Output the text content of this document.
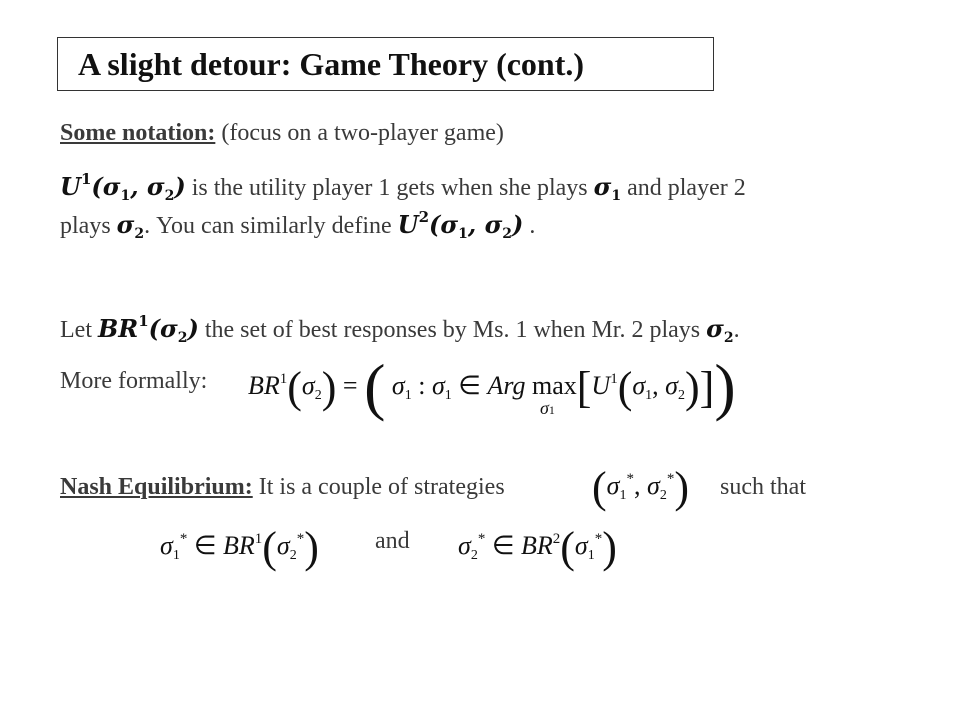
A slight detour: Game Theory (cont.)
Some notation: (focus on a two-player game)
$U^1(\sigma_1$, $\sigma_2$) is the utility player 1 gets when she plays $\sigma_1$ and player 2
plays $\sigma_2$. You can similarly define $U^2(\sigma_1$, $\sigma_2$) .
Let $BR^1(\sigma_2)$ the set of best responses by Ms. 1 when Mr. 2 plays $\sigma_2$.
More formally: $BR^1(\sigma_2)$ = ( $\sigma_1$ : $\sigma_1$ ∈ Arg $\max[U^1(\sigma_1$, $\sigma_2$)])
σ1
Nash Equilibrium: It is a couple of strategies ($\sigma_1^*$, $\sigma_2^*$) such that
$\sigma_1^*$ ∈ $BR^1(\sigma_2^*)$ and $\sigma_2^*$ ∈ $BR^2(\sigma_1^*)$
